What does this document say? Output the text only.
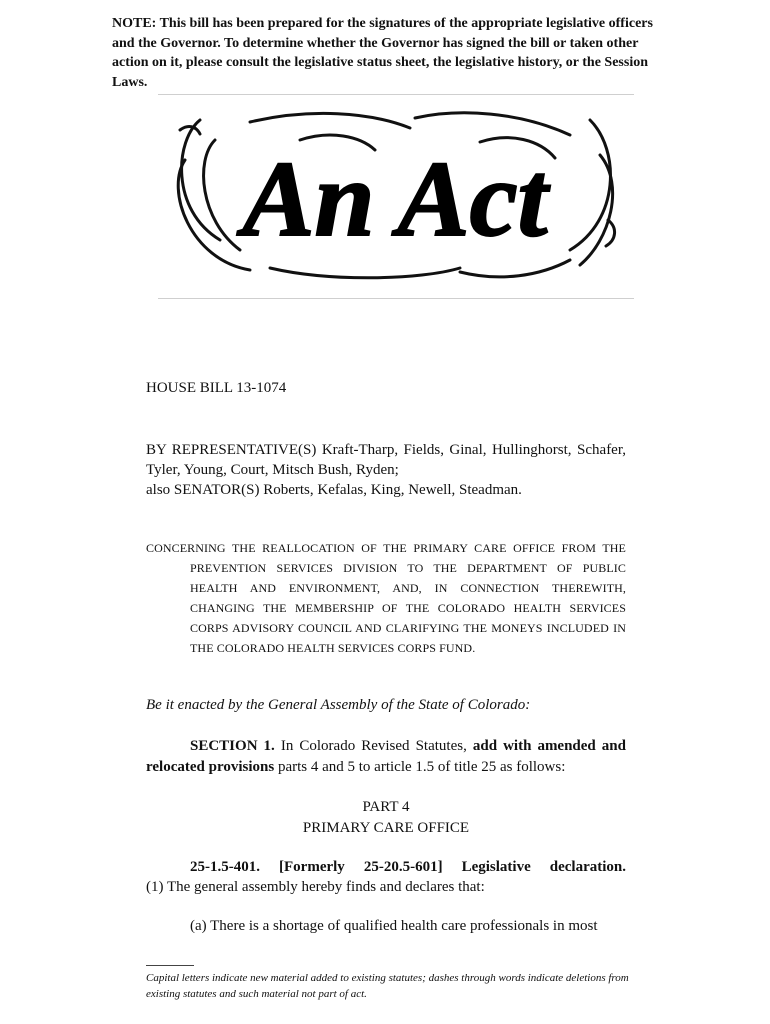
NOTE: This bill has been prepared for the signatures of the appropriate legislative officers and the Governor. To determine whether the Governor has signed the bill or taken other action on it, please consult the legislative status sheet, the legislative history, or the Session Laws.
An Act
HOUSE BILL 13-1074
BY REPRESENTATIVE(S) Kraft-Tharp, Fields, Ginal, Hullinghorst, Schafer, Tyler, Young, Court, Mitsch Bush, Ryden;
also SENATOR(S) Roberts, Kefalas, King, Newell, Steadman.
CONCERNING THE REALLOCATION OF THE PRIMARY CARE OFFICE FROM THE PREVENTION SERVICES DIVISION TO THE DEPARTMENT OF PUBLIC HEALTH AND ENVIRONMENT, AND, IN CONNECTION THEREWITH, CHANGING THE MEMBERSHIP OF THE COLORADO HEALTH SERVICES CORPS ADVISORY COUNCIL AND CLARIFYING THE MONEYS INCLUDED IN THE COLORADO HEALTH SERVICES CORPS FUND.
Be it enacted by the General Assembly of the State of Colorado:
SECTION 1. In Colorado Revised Statutes, add with amended and relocated provisions parts 4 and 5 to article 1.5 of title 25 as follows:
PART 4
PRIMARY CARE OFFICE
25-1.5-401. [Formerly 25-20.5-601] Legislative declaration.
(1) The general assembly hereby finds and declares that:
(a) There is a shortage of qualified health care professionals in most
Capital letters indicate new material added to existing statutes; dashes through words indicate deletions from existing statutes and such material not part of act.
